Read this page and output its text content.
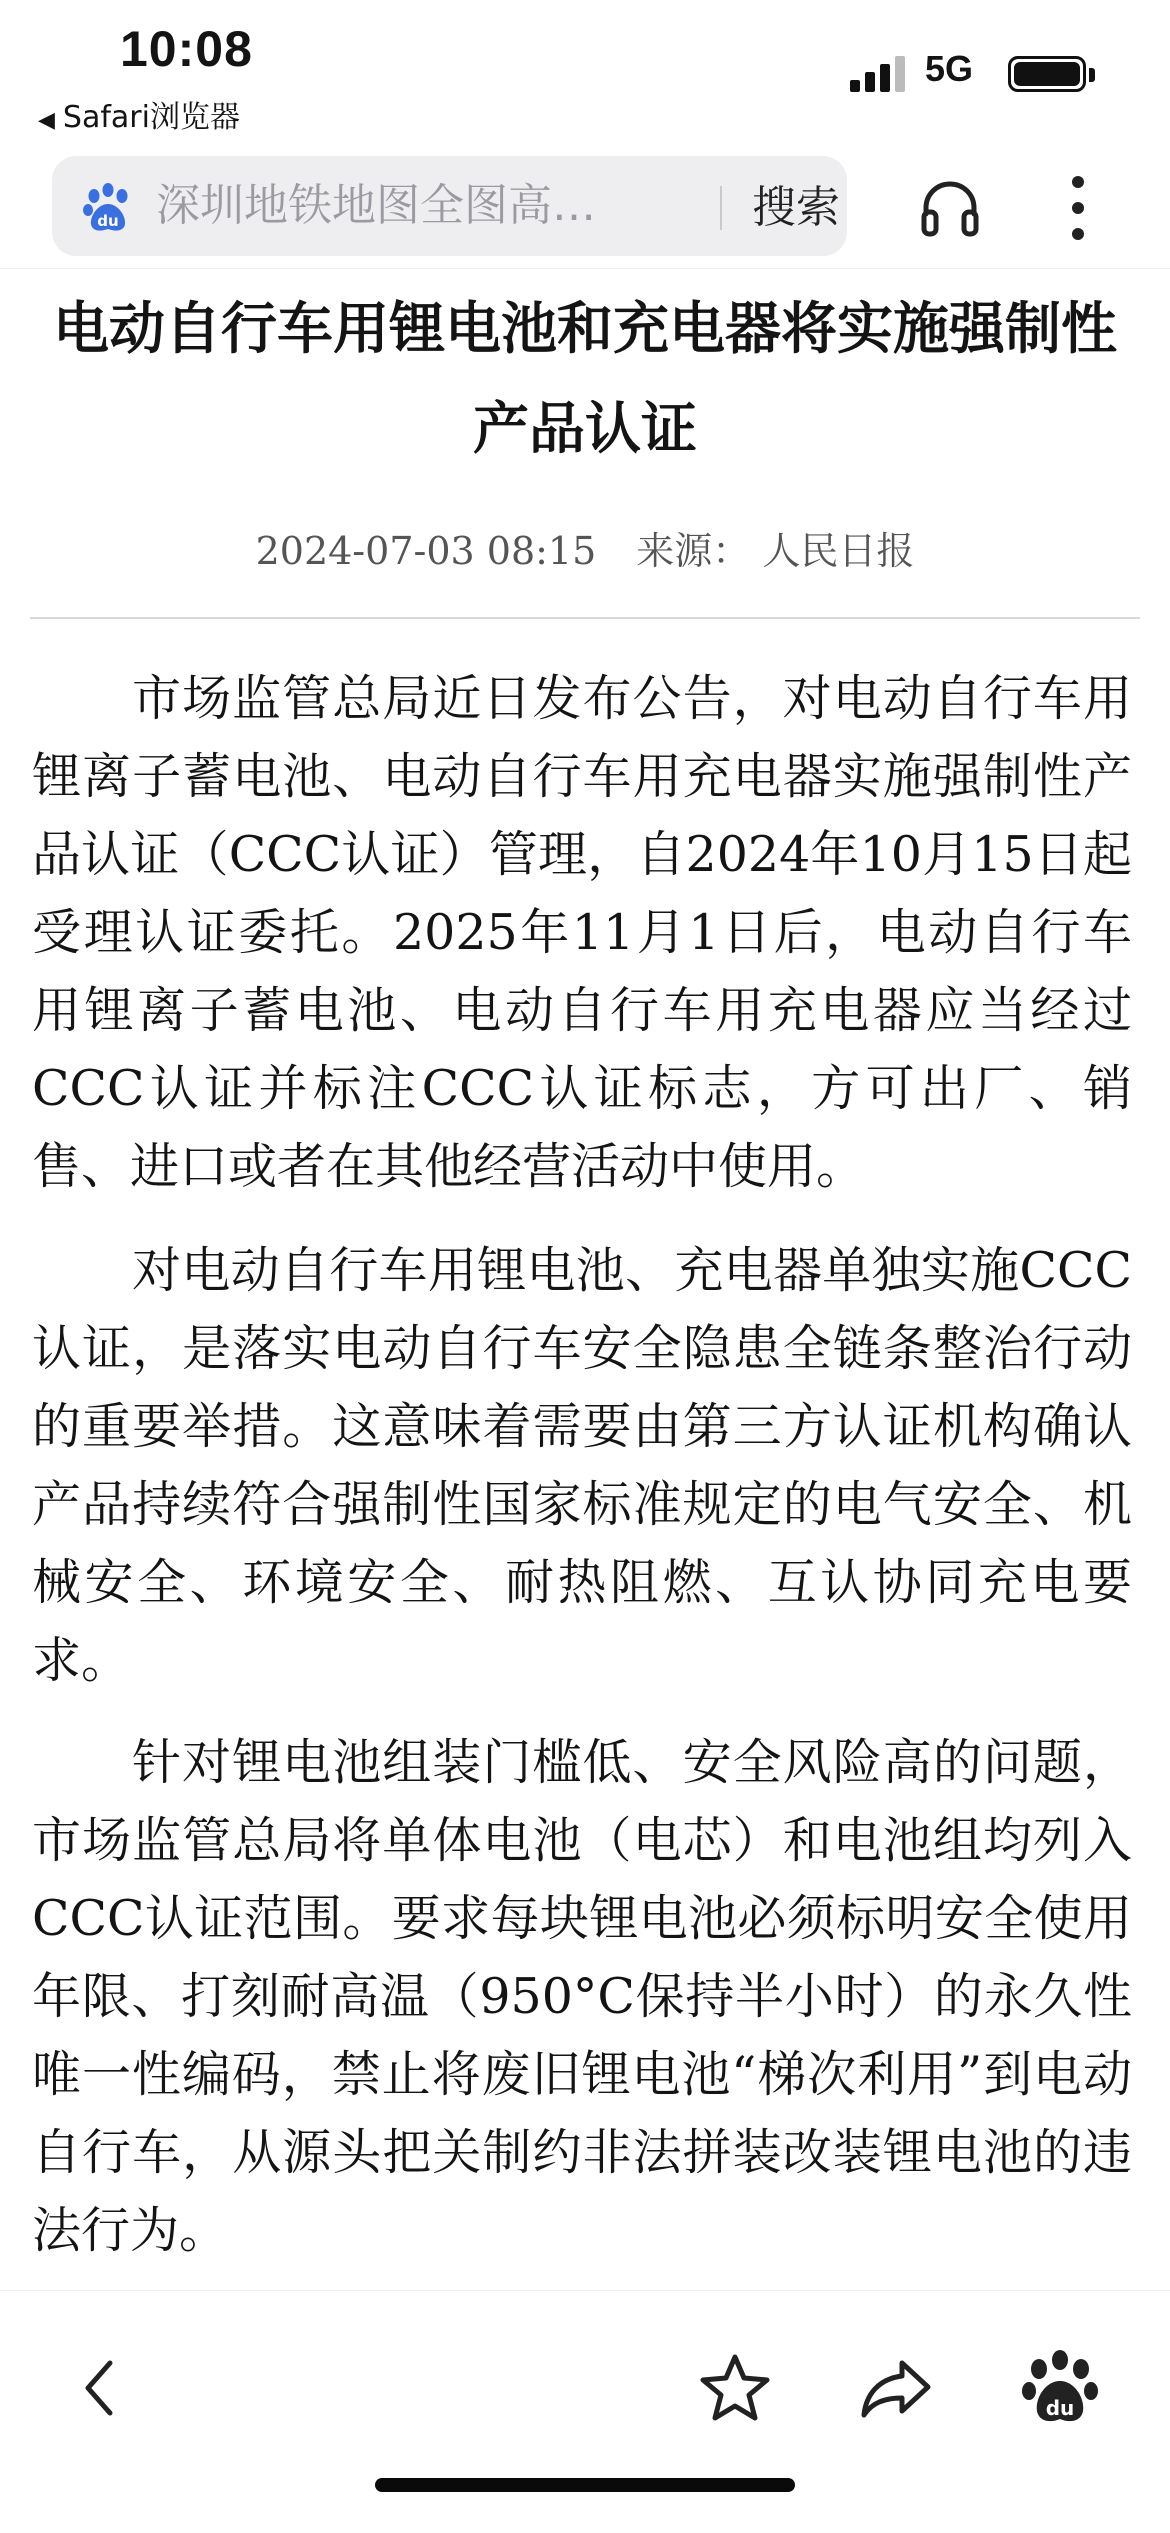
10:08
◀ Safari浏览器
5G
du 深圳地铁地图全图高…	搜索
电动自行车用锂电池和充电器将实施强制性产品认证
2024-07-03 08:15 来源： 人民日报
市场监管总局近日发布公告，对电动自行车用锂离子蓄电池、电动自行车用充电器实施强制性产品认证（CCC认证）管理，自2024年10月15日起受理认证委托。2025年11月1日后，电动自行车用锂离子蓄电池、电动自行车用充电器应当经过CCC认证并标注CCC认证标志，方可出厂、销售、进口或者在其他经营活动中使用。
对电动自行车用锂电池、充电器单独实施CCC认证，是落实电动自行车安全隐患全链条整治行动的重要举措。这意味着需要由第三方认证机构确认产品持续符合强制性国家标准规定的电气安全、机械安全、环境安全、耐热阻燃、互认协同充电要求。
针对锂电池组装门槛低、安全风险高的问题，市场监管总局将单体电池（电芯）和电池组均列入CCC认证范围。要求每块锂电池必须标明安全使用年限、打刻耐高温（950°C保持半小时）的永久性唯一性编码，禁止将废旧锂电池“梯次利用”到电动自行车，从源头把关制约非法拼装改装锂电池的违法行为。
du
